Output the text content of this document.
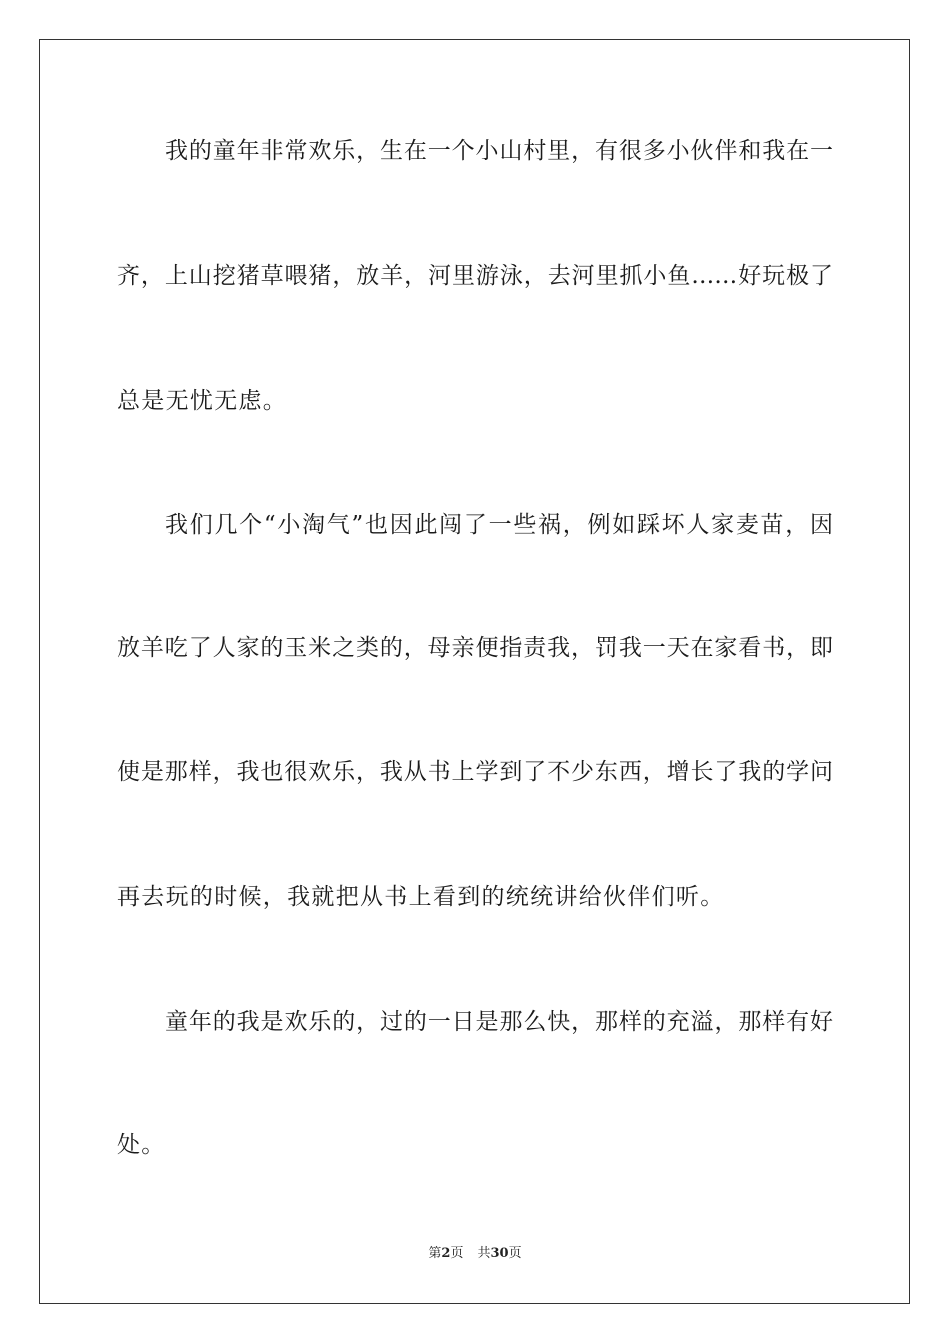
我的童年非常欢乐，生在一个小山村里，有很多小伙伴和我在一
齐，上山挖猪草喂猪，放羊，河里游泳，去河里抓小鱼……好玩极了
总是无忧无虑。
我们几个“小淘气”也因此闯了一些祸，例如踩坏人家麦苗，因
放羊吃了人家的玉米之类的，母亲便指责我，罚我一天在家看书，即
使是那样，我也很欢乐，我从书上学到了不少东西，增长了我的学问
再去玩的时候，我就把从书上看到的统统讲给伙伴们听。
童年的我是欢乐的，过的一日是那么快，那样的充溢，那样有好
处。
第2页 共30页
